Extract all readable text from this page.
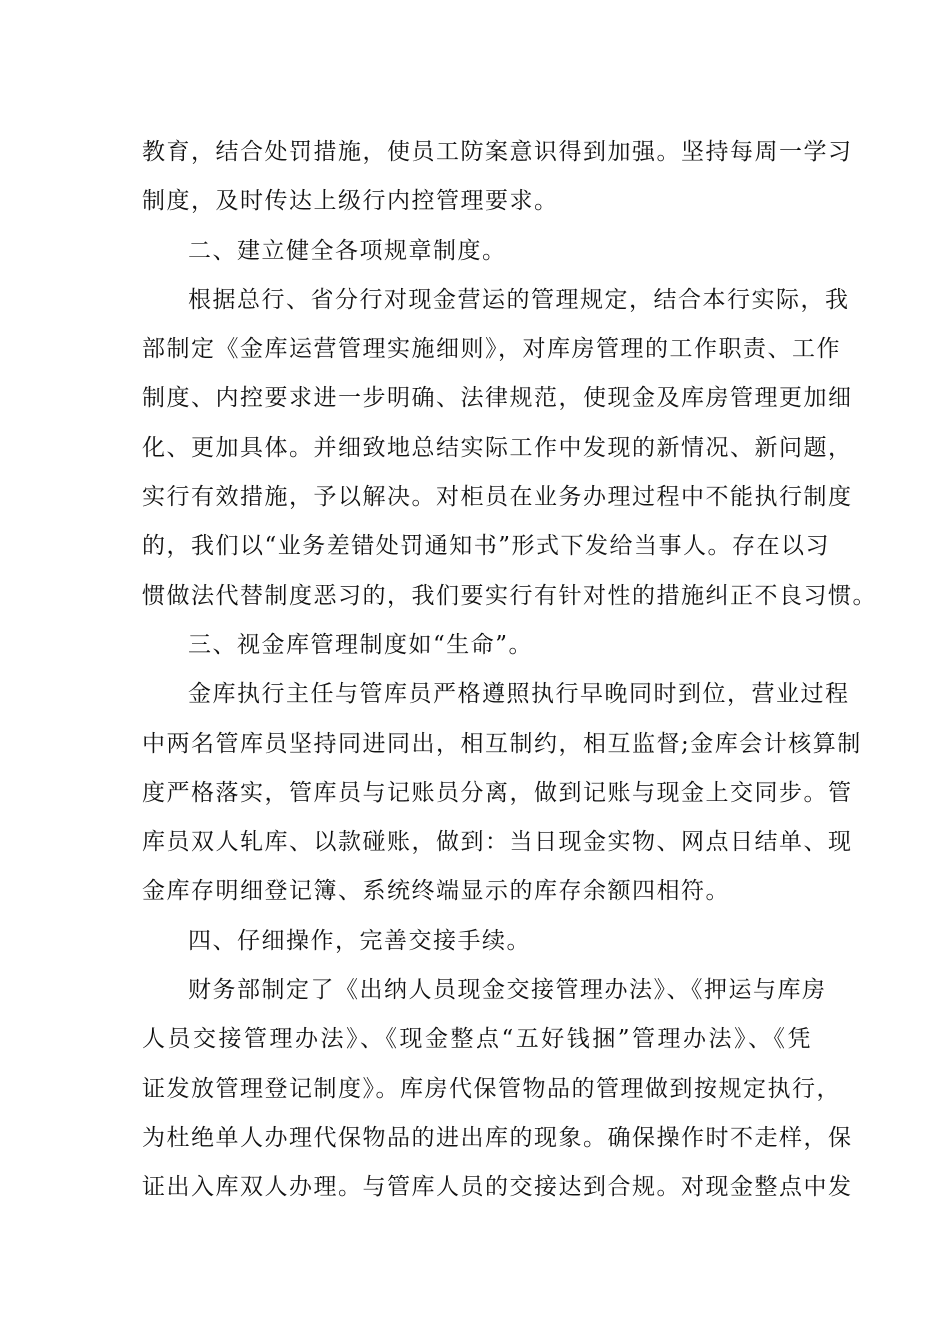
教育，结合处罚措施，使员工防案意识得到加强。坚持每周一学习
制度，及时传达上级行内控管理要求。
二、建立健全各项规章制度。
根据总行、省分行对现金营运的管理规定，结合本行实际，我
部制定《金库运营管理实施细则》，对库房管理的工作职责、工作
制度、内控要求进一步明确、法律规范，使现金及库房管理更加细
化、更加具体。并细致地总结实际工作中发现的新情况、新问题，
实行有效措施，予以解决。对柜员在业务办理过程中不能执行制度
的，我们以“业务差错处罚通知书”形式下发给当事人。存在以习
惯做法代替制度恶习的，我们要实行有针对性的措施纠正不良习惯。
三、视金库管理制度如“生命”。
金库执行主任与管库员严格遵照执行早晚同时到位，营业过程
中两名管库员坚持同进同出，相互制约，相互监督;金库会计核算制
度严格落实，管库员与记账员分离，做到记账与现金上交同步。管
库员双人轧库、以款碰账，做到：当日现金实物、网点日结单、现
金库存明细登记簿、系统终端显示的库存余额四相符。
四、仔细操作，完善交接手续。
财务部制定了《出纳人员现金交接管理办法》、《押运与库房
人员交接管理办法》、《现金整点“五好钱捆”管理办法》、《凭
证发放管理登记制度》。库房代保管物品的管理做到按规定执行，
为杜绝单人办理代保物品的进出库的现象。确保操作时不走样，保
证出入库双人办理。与管库人员的交接达到合规。对现金整点中发
